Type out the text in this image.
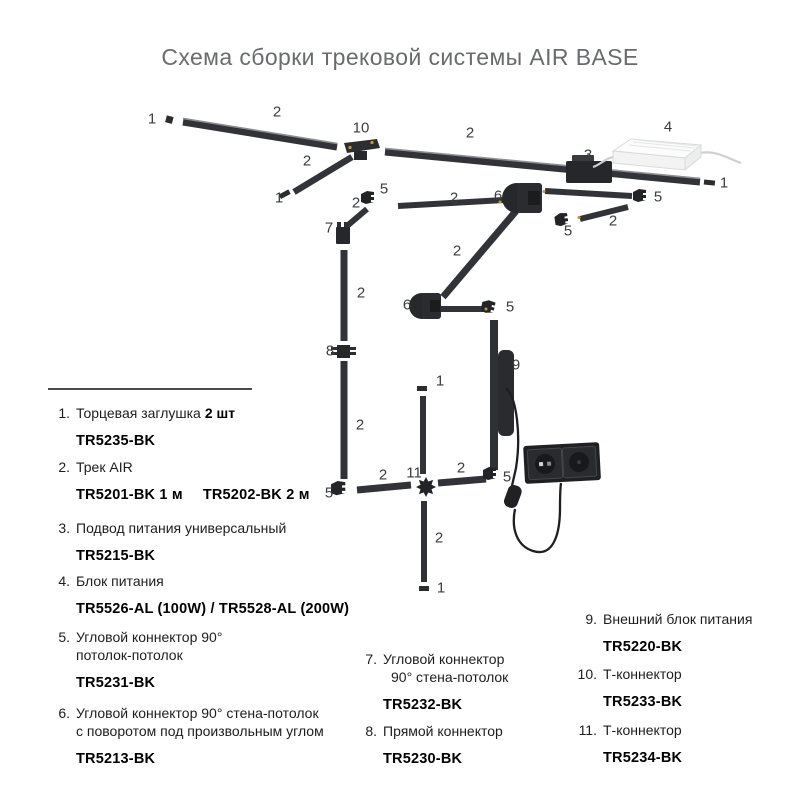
Схема сборки трековой системы AIR BASE
1	2
10	2
3
4
1
2
1
5
2
7
2
8
2
5
2 11 2
5
1
2
1
2 6	5
2
5
2
6	5
9
1. Торцевая заглушка 2 шт
TR5235-BK
2. Трек AIR
TR5201-BK 1 м TR5202-BK 2 м
3. Подвод питания универсальный
TR5215-BK
4. Блок питания
TR5526-AL (100W) / TR5528-AL (200W)
5. Угловой коннектор 90°
потолок-потолок
TR5231-BK
6. Угловой коннектор 90° стена-потолок
с поворотом под произвольным углом
TR5213-BK
7. Угловой коннектор
90° стена-потолок
TR5232-BK
8. Прямой коннектор
TR5230-BK
9. Внешний блок питания
TR5220-BK
10. Т-коннектор
TR5233-BK
11. Т-коннектор
TR5234-BK
